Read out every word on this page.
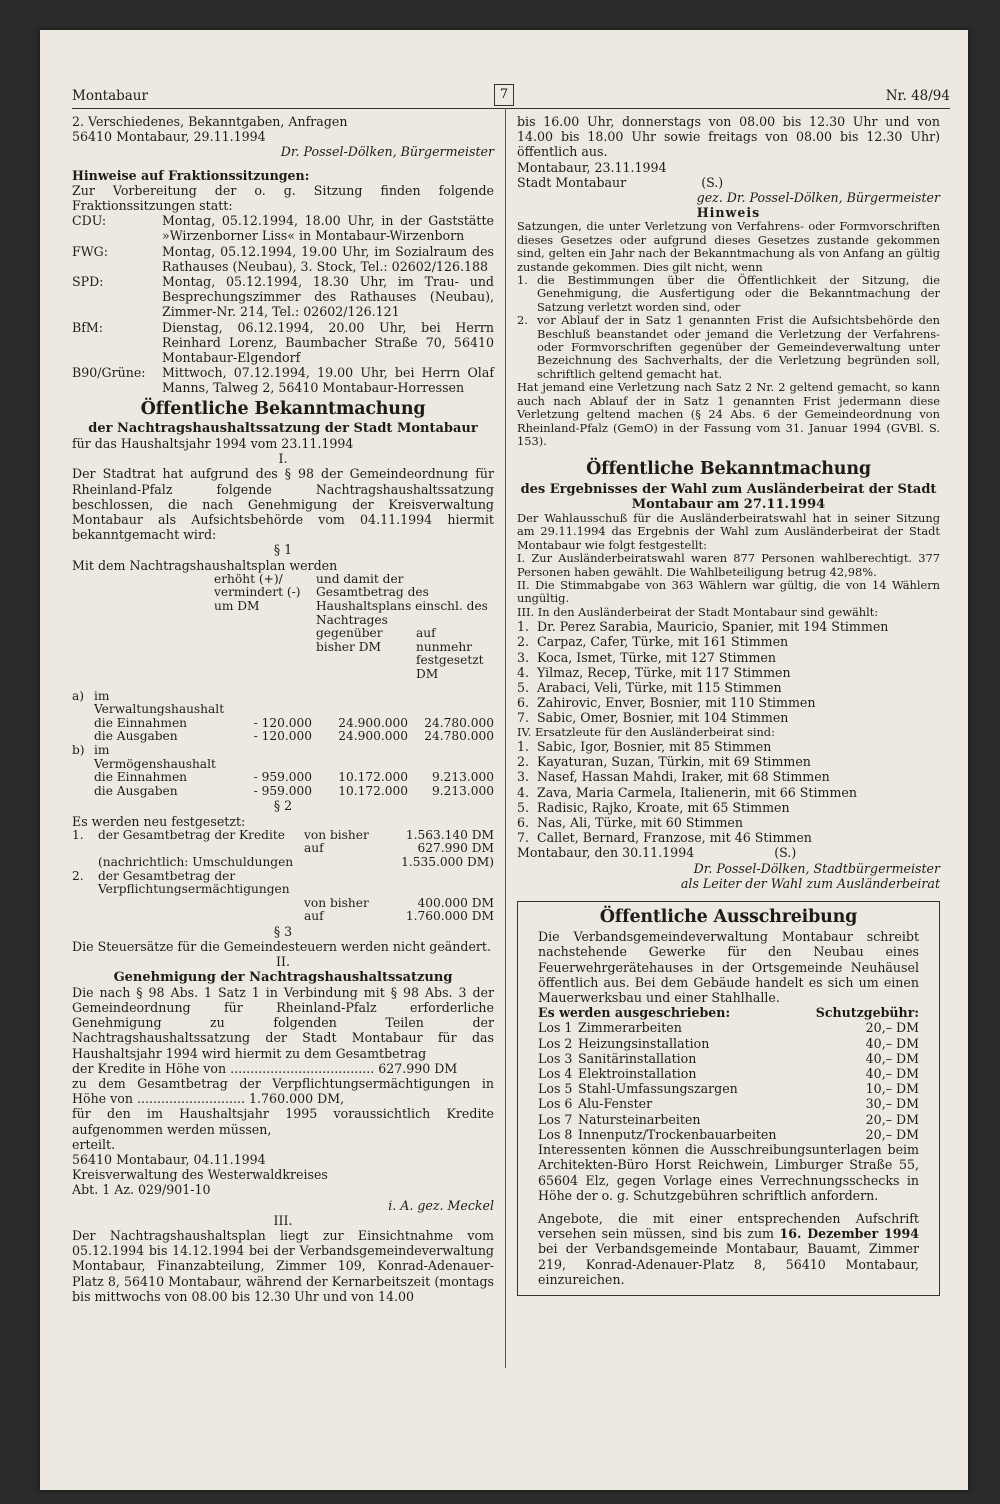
Montabaur	7	Nr. 48/94
2. Verschiedenes, Bekanntgaben, Anfragen
56410 Montabaur, 29.11.1994
Dr. Possel-Dölken, Bürgermeister
Hinweise auf Fraktionssitzungen:
Zur Vorbereitung der o. g. Sitzung finden folgende Fraktionssitzungen statt:
CDU:	Montag, 05.12.1994, 18.00 Uhr, in der Gaststätte »Wirzenborner Liss« in Montabaur-Wirzenborn
FWG:	Montag, 05.12.1994, 19.00 Uhr, im Sozialraum des Rathauses (Neubau), 3. Stock, Tel.: 02602/126.188
SPD:	Montag, 05.12.1994, 18.30 Uhr, im Trau- und Besprechungszimmer des Rathauses (Neubau), Zimmer-Nr. 214, Tel.: 02602/126.121
BfM:	Dienstag, 06.12.1994, 20.00 Uhr, bei Herrn Reinhard Lorenz, Baumbacher Straße 70, 56410 Montabaur-Elgendorf
B90/Grüne:	Mittwoch, 07.12.1994, 19.00 Uhr, bei Herrn Olaf Manns, Talweg 2, 56410 Montabaur-Horressen
Öffentliche Bekanntmachung
der Nachtragshaushaltssatzung der Stadt Montabaur
für das Haushaltsjahr 1994 vom 23.11.1994
I.
Der Stadtrat hat aufgrund des § 98 der Gemeindeordnung für Rheinland-Pfalz folgende Nachtragshaushaltssatzung beschlossen, die nach Genehmigung der Kreisverwaltung Montabaur als Aufsichtsbehörde vom 04.11.1994 hiermit bekanntgemacht wird:
§ 1
Mit dem Nachtragshaushaltsplan werden
		erhöht (+)/ vermindert (-) um DM	und damit der Gesamtbetrag des Haushaltsplans einschl. des Nachtrages	
			gegenüber bisher DM	auf nunmehr festgesetzt DM
a)	im Verwaltungshaushalt			
	die Einnahmen	- 120.000	24.900.000	24.780.000
	die Ausgaben	- 120.000	24.900.000	24.780.000
b)	im Vermögenshaushalt			
	die Einnahmen	- 959.000	10.172.000	9.213.000
	die Ausgaben	- 959.000	10.172.000	9.213.000
§ 2
Es werden neu festgesetzt:
1.	der Gesamtbetrag der Kredite	von bisher	1.563.140 DM
		auf	627.990 DM
	(nachrichtlich: Umschuldungen		1.535.000 DM)
2.	der Gesamtbetrag der Verpflichtungsermächtigungen		
		von bisher	400.000 DM
		auf	1.760.000 DM
§ 3
Die Steuersätze für die Gemeindesteuern werden nicht geändert.
II.
Genehmigung der Nachtragshaushaltssatzung
Die nach § 98 Abs. 1 Satz 1 in Verbindung mit § 98 Abs. 3 der Gemeindeordnung für Rheinland-Pfalz erforderliche Genehmigung zu folgenden Teilen der Nachtragshaushaltssatzung der Stadt Montabaur für das Haushaltsjahr 1994 wird hiermit zu dem Gesamtbetrag
der Kredite in Höhe von .................................... 627.990 DM
zu dem Gesamtbetrag der Verpflichtungsermächtigungen in Höhe von ........................... 1.760.000 DM,
für den im Haushaltsjahr 1995 voraussichtlich Kredite aufgenommen werden müssen,
erteilt.
56410 Montabaur, 04.11.1994
Kreisverwaltung des Westerwaldkreises
Abt. 1 Az. 029/901-10
i. A. gez. Meckel
III.
Der Nachtragshaushaltsplan liegt zur Einsichtnahme vom 05.12.1994 bis 14.12.1994 bei der Verbandsgemeindeverwaltung Montabaur, Finanzabteilung, Zimmer 109, Konrad-Adenauer-Platz 8, 56410 Montabaur, während der Kernarbeitszeit (montags bis mittwochs von 08.00 bis 12.30 Uhr und von 14.00
bis 16.00 Uhr, donnerstags von 08.00 bis 12.30 Uhr und von 14.00 bis 18.00 Uhr sowie freitags von 08.00 bis 12.30 Uhr) öffentlich aus.
Montabaur, 23.11.1994
Stadt Montabaur	(S.)
gez. Dr. Possel-Dölken, Bürgermeister
Hinweis
Satzungen, die unter Verletzung von Verfahrens- oder Formvorschriften dieses Gesetzes oder aufgrund dieses Gesetzes zustande gekommen sind, gelten ein Jahr nach der Bekanntmachung als von Anfang an gültig zustande gekommen. Dies gilt nicht, wenn
1. die Bestimmungen über die Öffentlichkeit der Sitzung, die Genehmigung, die Ausfertigung oder die Bekanntmachung der Satzung verletzt worden sind, oder
2. vor Ablauf der in Satz 1 genannten Frist die Aufsichtsbehörde den Beschluß beanstandet oder jemand die Verletzung der Verfahrens- oder Formvorschriften gegenüber der Gemeindeverwaltung unter Bezeichnung des Sachverhalts, der die Verletzung begründen soll, schriftlich geltend gemacht hat.
Hat jemand eine Verletzung nach Satz 2 Nr. 2 geltend gemacht, so kann auch nach Ablauf der in Satz 1 genannten Frist jedermann diese Verletzung geltend machen (§ 24 Abs. 6 der Gemeindeordnung von Rheinland-Pfalz (GemO) in der Fassung vom 31. Januar 1994 (GVBl. S. 153).
Öffentliche Bekanntmachung
des Ergebnisses der Wahl zum Ausländerbeirat der Stadt Montabaur am 27.11.1994
Der Wahlausschuß für die Ausländerbeiratswahl hat in seiner Sitzung am 29.11.1994 das Ergebnis der Wahl zum Ausländerbeirat der Stadt Montabaur wie folgt festgestellt:
I. Zur Ausländerbeiratswahl waren 877 Personen wahlberechtigt. 377 Personen haben gewählt. Die Wahlbeteiligung betrug 42,98%.
II. Die Stimmabgabe von 363 Wählern war gültig, die von 14 Wählern ungültig.
III. In den Ausländerbeirat der Stadt Montabaur sind gewählt:
1. Dr. Perez Sarabia, Mauricio, Spanier, mit 194 Stimmen
2. Carpaz, Cafer, Türke, mit 161 Stimmen
3. Koca, Ismet, Türke, mit 127 Stimmen
4. Yilmaz, Recep, Türke, mit 117 Stimmen
5. Arabaci, Veli, Türke, mit 115 Stimmen
6. Zahirovic, Enver, Bosnier, mit 110 Stimmen
7. Sabic, Omer, Bosnier, mit 104 Stimmen
IV. Ersatzleute für den Ausländerbeirat sind:
1. Sabic, Igor, Bosnier, mit 85 Stimmen
2. Kayaturan, Suzan, Türkin, mit 69 Stimmen
3. Nasef, Hassan Mahdi, Iraker, mit 68 Stimmen
4. Zava, Maria Carmela, Italienerin, mit 66 Stimmen
5. Radisic, Rajko, Kroate, mit 65 Stimmen
6. Nas, Ali, Türke, mit 60 Stimmen
7. Callet, Bernard, Franzose, mit 46 Stimmen
Montabaur, den 30.11.1994	(S.)
Dr. Possel-Dölken, Stadtbürgermeister
als Leiter der Wahl zum Ausländerbeirat
Öffentliche Ausschreibung
Die Verbandsgemeindeverwaltung Montabaur schreibt nachstehende Gewerke für den Neubau eines Feuerwehrgerätehauses in der Ortsgemeinde Neuhäusel öffentlich aus. Bei dem Gebäude handelt es sich um einen Mauerwerksbau und einer Stahlhalle.
Es werden ausgeschrieben:	Schutzgebühr:
Los 1 Zimmerarbeiten	20,– DM
Los 2 Heizungsinstallation	40,– DM
Los 3 Sanitärinstallation	40,– DM
Los 4 Elektroinstallation	40,– DM
Los 5 Stahl-Umfassungszargen	10,– DM
Los 6 Alu-Fenster	30,– DM
Los 7 Natursteinarbeiten	20,– DM
Los 8 Innenputz/Trockenbauarbeiten	20,– DM
Interessenten können die Ausschreibungsunterlagen beim Architekten-Büro Horst Reichwein, Limburger Straße 55, 65604 Elz, gegen Vorlage eines Verrechnungsschecks in Höhe der o. g. Schutzgebühren schriftlich anfordern.
Angebote, die mit einer entsprechenden Aufschrift versehen sein müssen, sind bis zum 16. Dezember 1994 bei der Verbandsgemeinde Montabaur, Bauamt, Zimmer 219, Konrad-Adenauer-Platz 8, 56410 Montabaur, einzureichen.
